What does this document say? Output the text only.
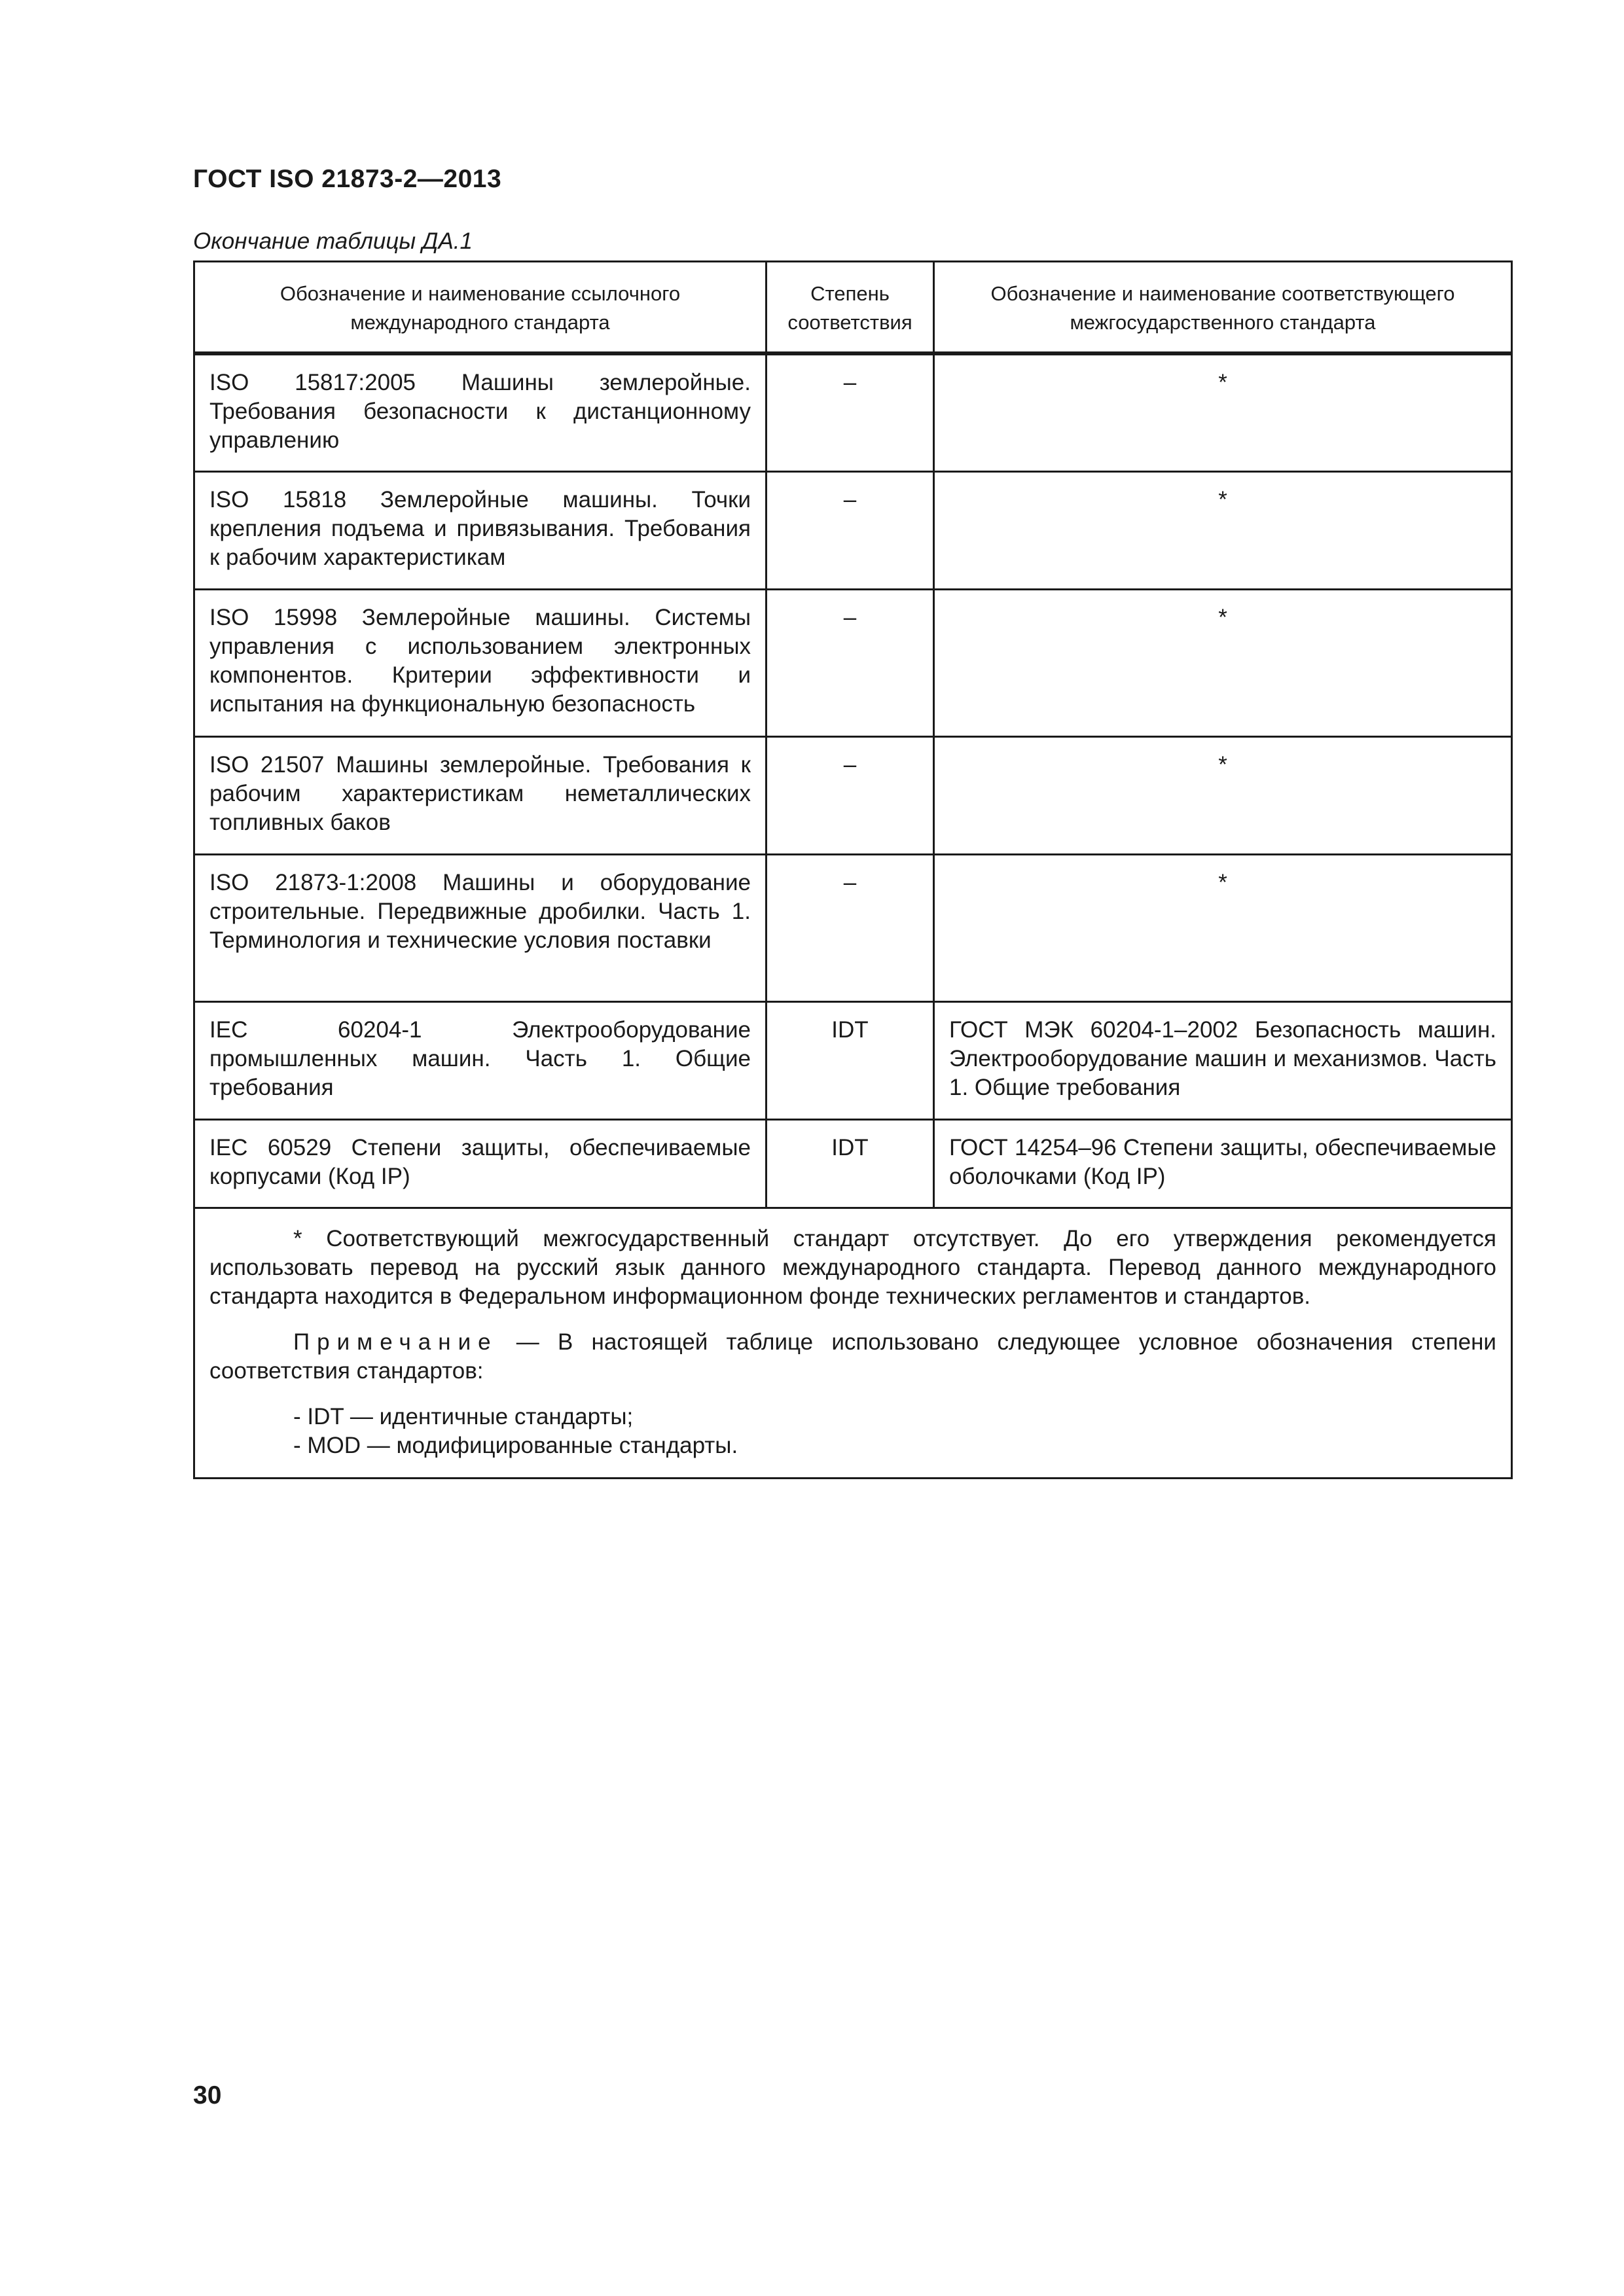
ГОСТ ISO 21873-2—2013
Окончание таблицы ДА.1
Обозначение и наименование ссылочного международного стандарта	Степень соответствия	Обозначение и наименование соответствующего межгосударственного стандарта
ISO 15817:2005 Машины землеройные. Требования безопасности к дистанционному управлению	–	*
ISO 15818 Землеройные машины. Точки крепления подъема и привязывания. Требования к рабочим характеристикам	–	*
ISO 15998 Землеройные машины. Системы управления с использованием электронных компонентов. Критерии эффективности и испытания на функциональную безопасность	–	*
ISO 21507 Машины землеройные. Требования к рабочим характеристикам неметаллических топливных баков	–	*
ISO 21873-1:2008 Машины и оборудование строительные. Передвижные дробилки. Часть 1. Терминология и технические условия поставки	–	*
IEC 60204-1 Электрооборудование промышленных машин. Часть 1. Общие требования	IDT	ГОСТ МЭК 60204-1–2002 Безопасность машин. Электрооборудование машин и механизмов. Часть 1. Общие требования
IEC 60529 Степени защиты, обеспечиваемые корпусами (Код IP)	IDT	ГОСТ 14254–96 Степени защиты, обеспечиваемые оболочками (Код IP)

* Соответствующий межгосударственный стандарт отсутствует. До его утверждения рекомендуется использовать перевод на русский язык данного международного стандарта. Перевод данного международного стандарта находится в Федеральном информационном фонде технических регламентов и стандартов.

Примечание — В настоящей таблице использовано следующее условное обозначения степени соответствия стандартов:

- IDT — идентичные стандарты;
- MOD — модифицированные стандарты.		
30
